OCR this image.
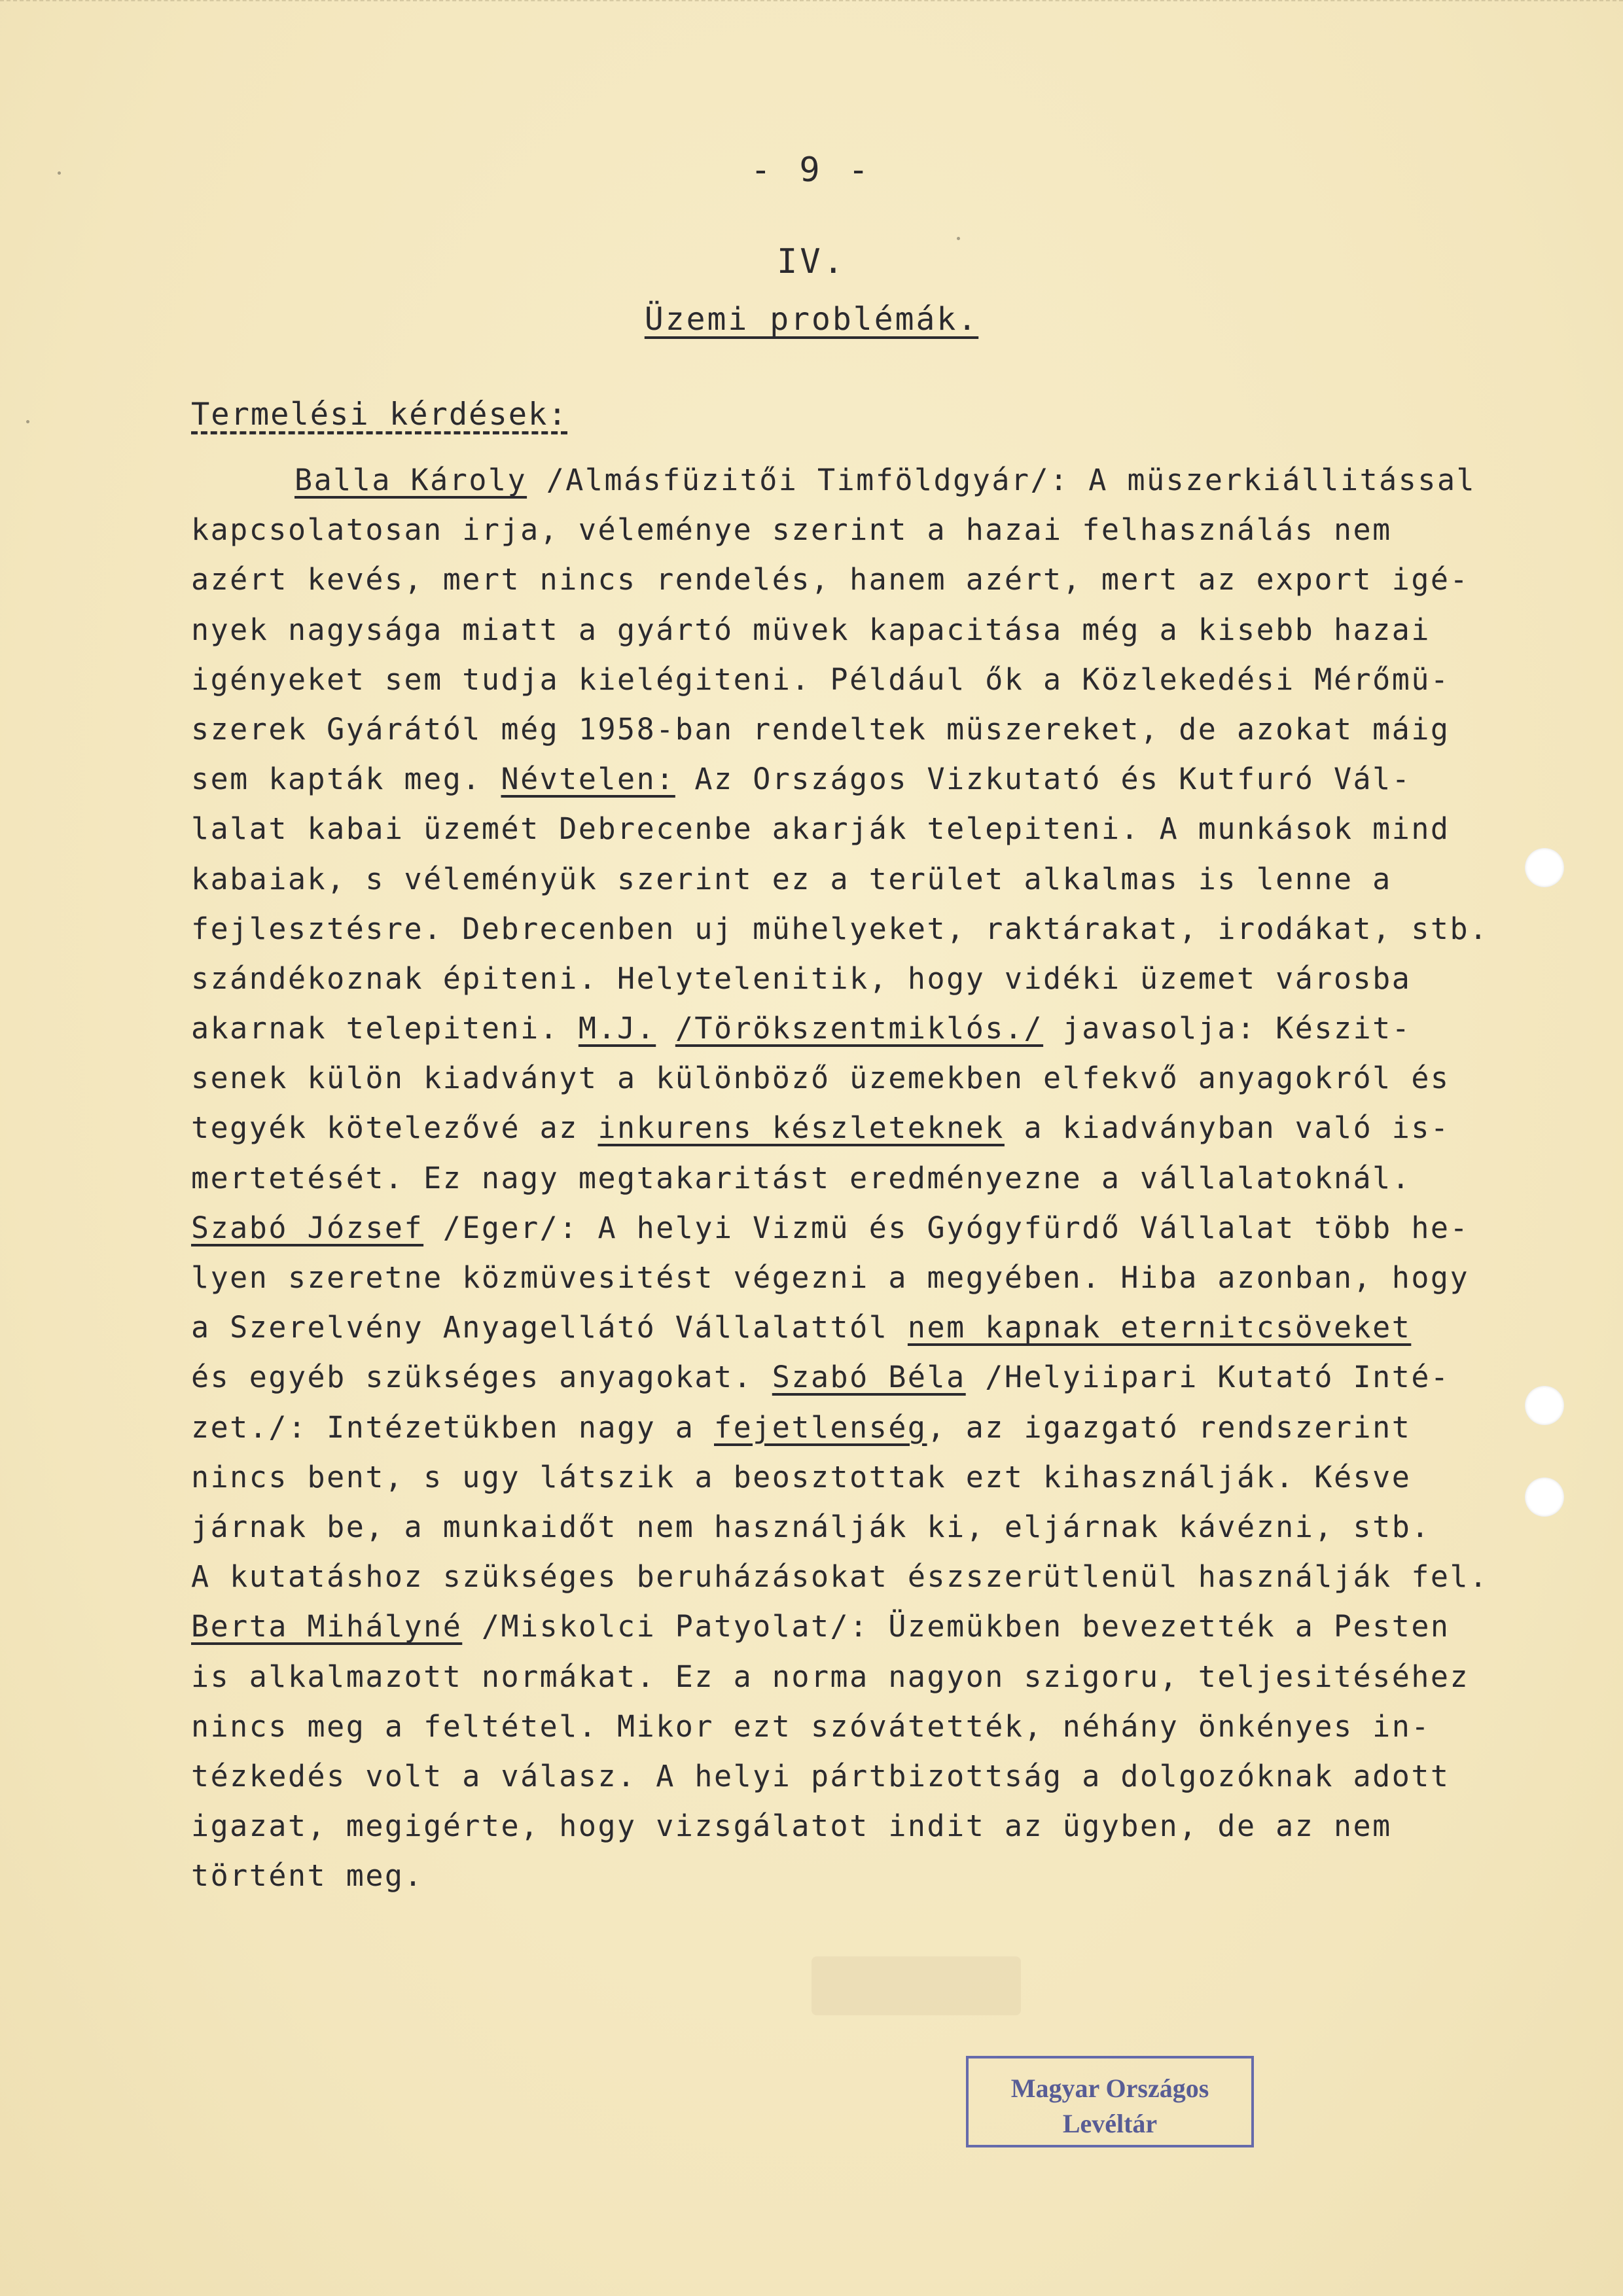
- 9 -
IV.
Üzemi problémák.
Termelési kérdések:
Balla Károly /Almásfüzitői Timföldgyár/: A müszerkiállitással
kapcsolatosan irja, véleménye szerint a hazai felhasználás nem
azért kevés, mert nincs rendelés, hanem azért, mert az export igé-
nyek nagysága miatt a gyártó müvek kapacitása még a kisebb hazai
igényeket sem tudja kielégiteni. Például ők a Közlekedési Mérőmü-
szerek Gyárától még 1958-ban rendeltek müszereket, de azokat máig
sem kapták meg. Névtelen: Az Országos Vizkutató és Kutfuró Vál-
lalat kabai üzemét Debrecenbe akarják telepiteni. A munkások mind
kabaiak, s véleményük szerint ez a terület alkalmas is lenne a
fejlesztésre. Debrecenben uj mühelyeket, raktárakat, irodákat, stb.
szándékoznak épiteni. Helytelenitik, hogy vidéki üzemet városba
akarnak telepiteni. M.J. /Törökszentmiklós./ javasolja: Készit-
senek külön kiadványt a különböző üzemekben elfekvő anyagokról és
tegyék kötelezővé az inkurens készleteknek a kiadványban való is-
mertetését. Ez nagy megtakaritást eredményezne a vállalatoknál.
Szabó József /Eger/: A helyi Vizmü és Gyógyfürdő Vállalat több he-
lyen szeretne közmüvesitést végezni a megyében. Hiba azonban, hogy
a Szerelvény Anyagellátó Vállalattól nem kapnak eternitcsöveket
és egyéb szükséges anyagokat. Szabó Béla /Helyiipari Kutató Inté-
zet./: Intézetükben nagy a fejetlenség, az igazgató rendszerint
nincs bent, s ugy látszik a beosztottak ezt kihasználják. Késve
járnak be, a munkaidőt nem használják ki, eljárnak kávézni, stb.
A kutatáshoz szükséges beruházásokat észszerütlenül használják fel.
Berta Mihályné /Miskolci Patyolat/: Üzemükben bevezették a Pesten
is alkalmazott normákat. Ez a norma nagyon szigoru, teljesitéséhez
nincs meg a feltétel. Mikor ezt szóvátették, néhány önkényes in-
tézkedés volt a válasz. A helyi pártbizottság a dolgozóknak adott
igazat, megigérte, hogy vizsgálatot indit az ügyben, de az nem
történt meg.
Magyar Országos
Levéltár
